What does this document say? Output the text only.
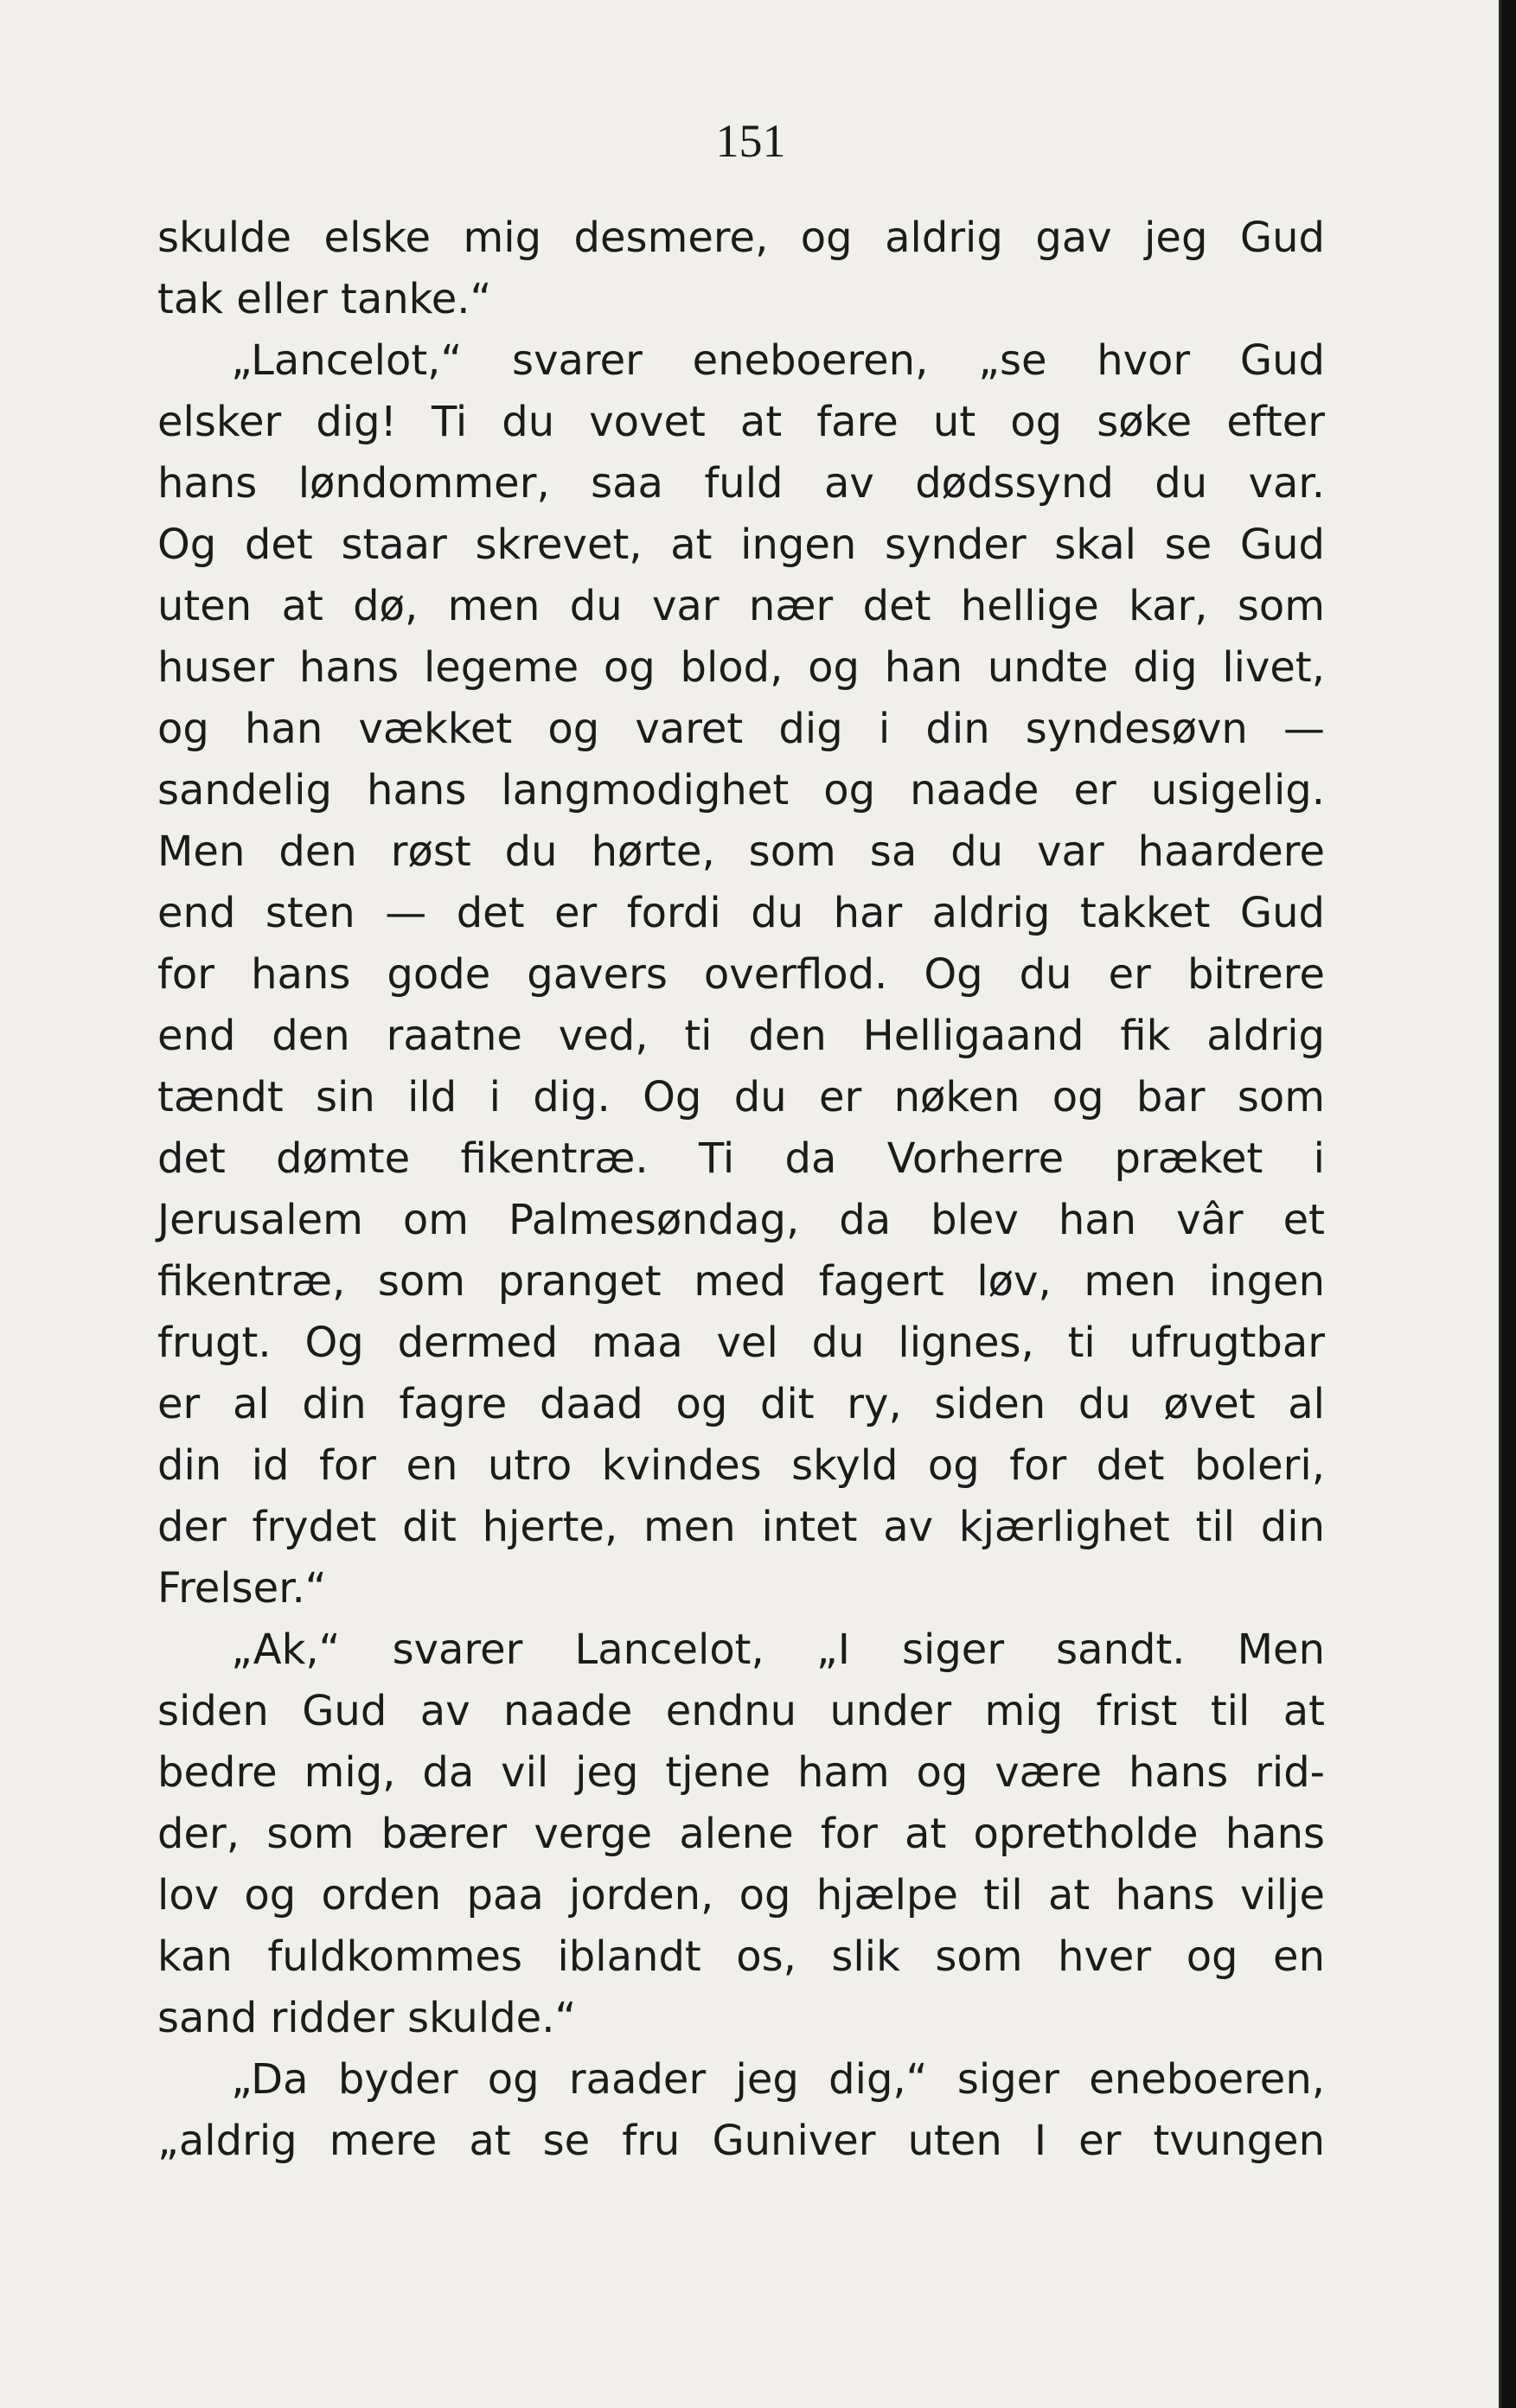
151
skulde elske mig desmere, og aldrig gav jeg Gud
tak eller tanke.“
„Lancelot,“ svarer eneboeren, „se hvor Gud
elsker dig! Ti du vovet at fare ut og søke efter
hans løndommer, saa fuld av dødssynd du var.
Og det staar skrevet, at ingen synder skal se Gud
uten at dø, men du var nær det hellige kar, som
huser hans legeme og blod, og han undte dig livet,
og han vækket og varet dig i din syndesøvn —
sandelig hans langmodighet og naade er usigelig.
Men den røst du hørte, som sa du var haardere
end sten — det er fordi du har aldrig takket Gud
for hans gode gavers overflod. Og du er bitrere
end den raatne ved, ti den Helligaand fik aldrig
tændt sin ild i dig. Og du er nøken og bar som
det dømte fikentræ. Ti da Vorherre præket i
Jerusalem om Palmesøndag, da blev han vâr et
fikentræ, som pranget med fagert løv, men ingen
frugt. Og dermed maa vel du lignes, ti ufrugtbar
er al din fagre daad og dit ry, siden du øvet al
din id for en utro kvindes skyld og for det boleri,
der frydet dit hjerte, men intet av kjærlighet til din
Frelser.“
„Ak,“ svarer Lancelot, „I siger sandt. Men
siden Gud av naade endnu under mig frist til at
bedre mig, da vil jeg tjene ham og være hans rid-
der, som bærer verge alene for at opretholde hans
lov og orden paa jorden, og hjælpe til at hans vilje
kan fuldkommes iblandt os, slik som hver og en
sand ridder skulde.“
„Da byder og raader jeg dig,“ siger eneboeren,
„aldrig mere at se fru Guniver uten I er tvungen
